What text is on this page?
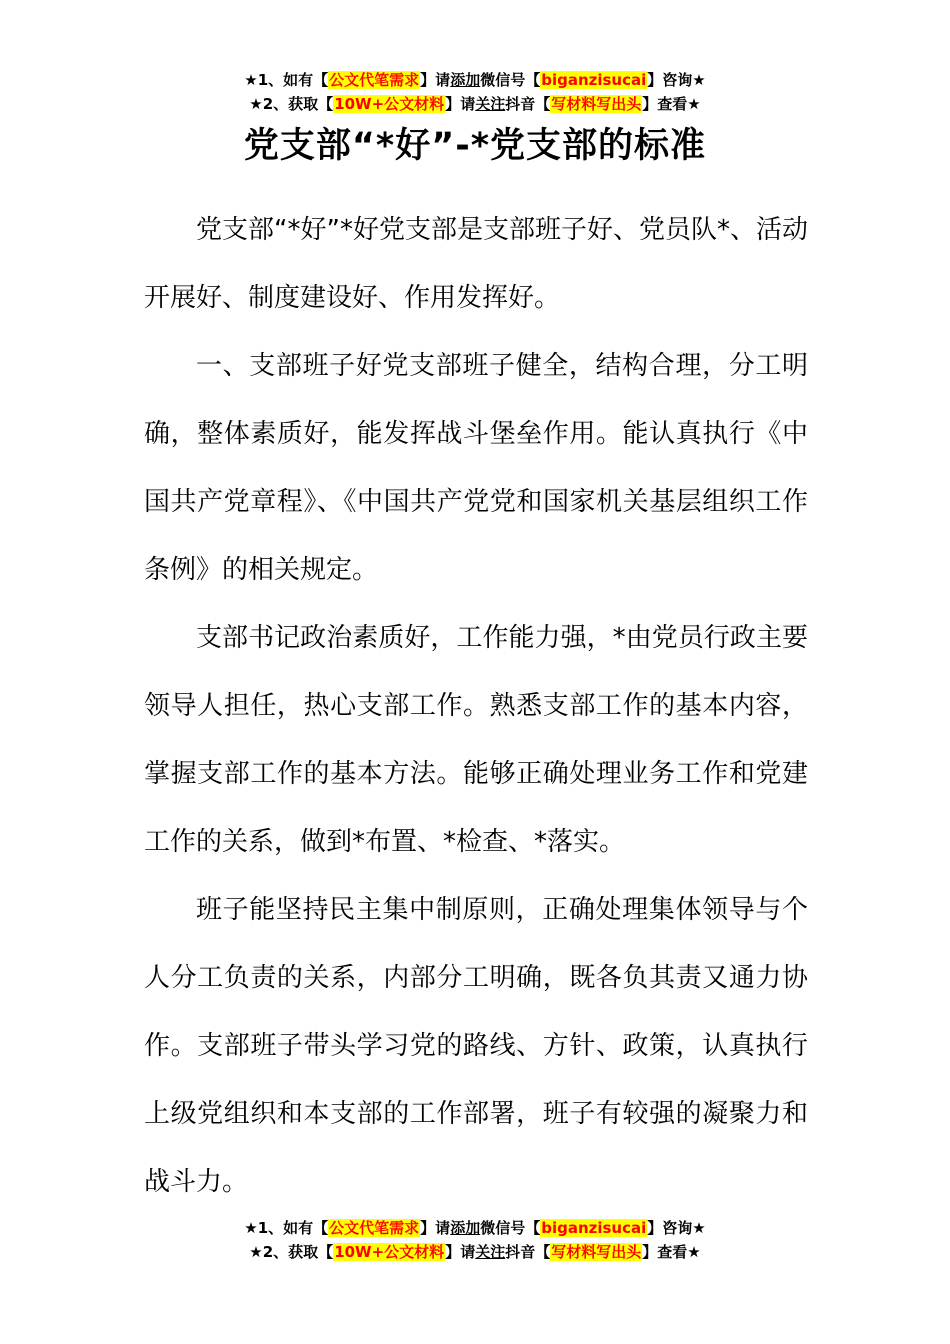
★1、如有【公文代笔需求】请添加微信号【biganzisucai】咨询★
★2、获取【10W+公文材料】请关注抖音【写材料写出头】查看★
党支部“*好”-*党支部的标准

党支部“*好”*好党支部是支部班子好、党员队*、活动开展好、制度建设好、作用发挥好。

一、支部班子好党支部班子健全，结构合理，分工明确，整体素质好，能发挥战斗堡垒作用。能认真执行《中国共产党章程》、《中国共产党党和国家机关基层组织工作条例》的相关规定。

支部书记政治素质好，工作能力强，*由党员行政主要领导人担任，热心支部工作。熟悉支部工作的基本内容，掌握支部工作的基本方法。能够正确处理业务工作和党建工作的关系，做到*布置、*检查、*落实。

班子能坚持民主集中制原则，正确处理集体领导与个人分工负责的关系，内部分工明确，既各负其责又通力协作。支部班子带头学习党的路线、方针、政策，认真执行上级党组织和本支部的工作部署，班子有较强的凝聚力和战斗力。

★1、如有【公文代笔需求】请添加微信号【biganzisucai】咨询★
★2、获取【10W+公文材料】请关注抖音【写材料写出头】查看★
